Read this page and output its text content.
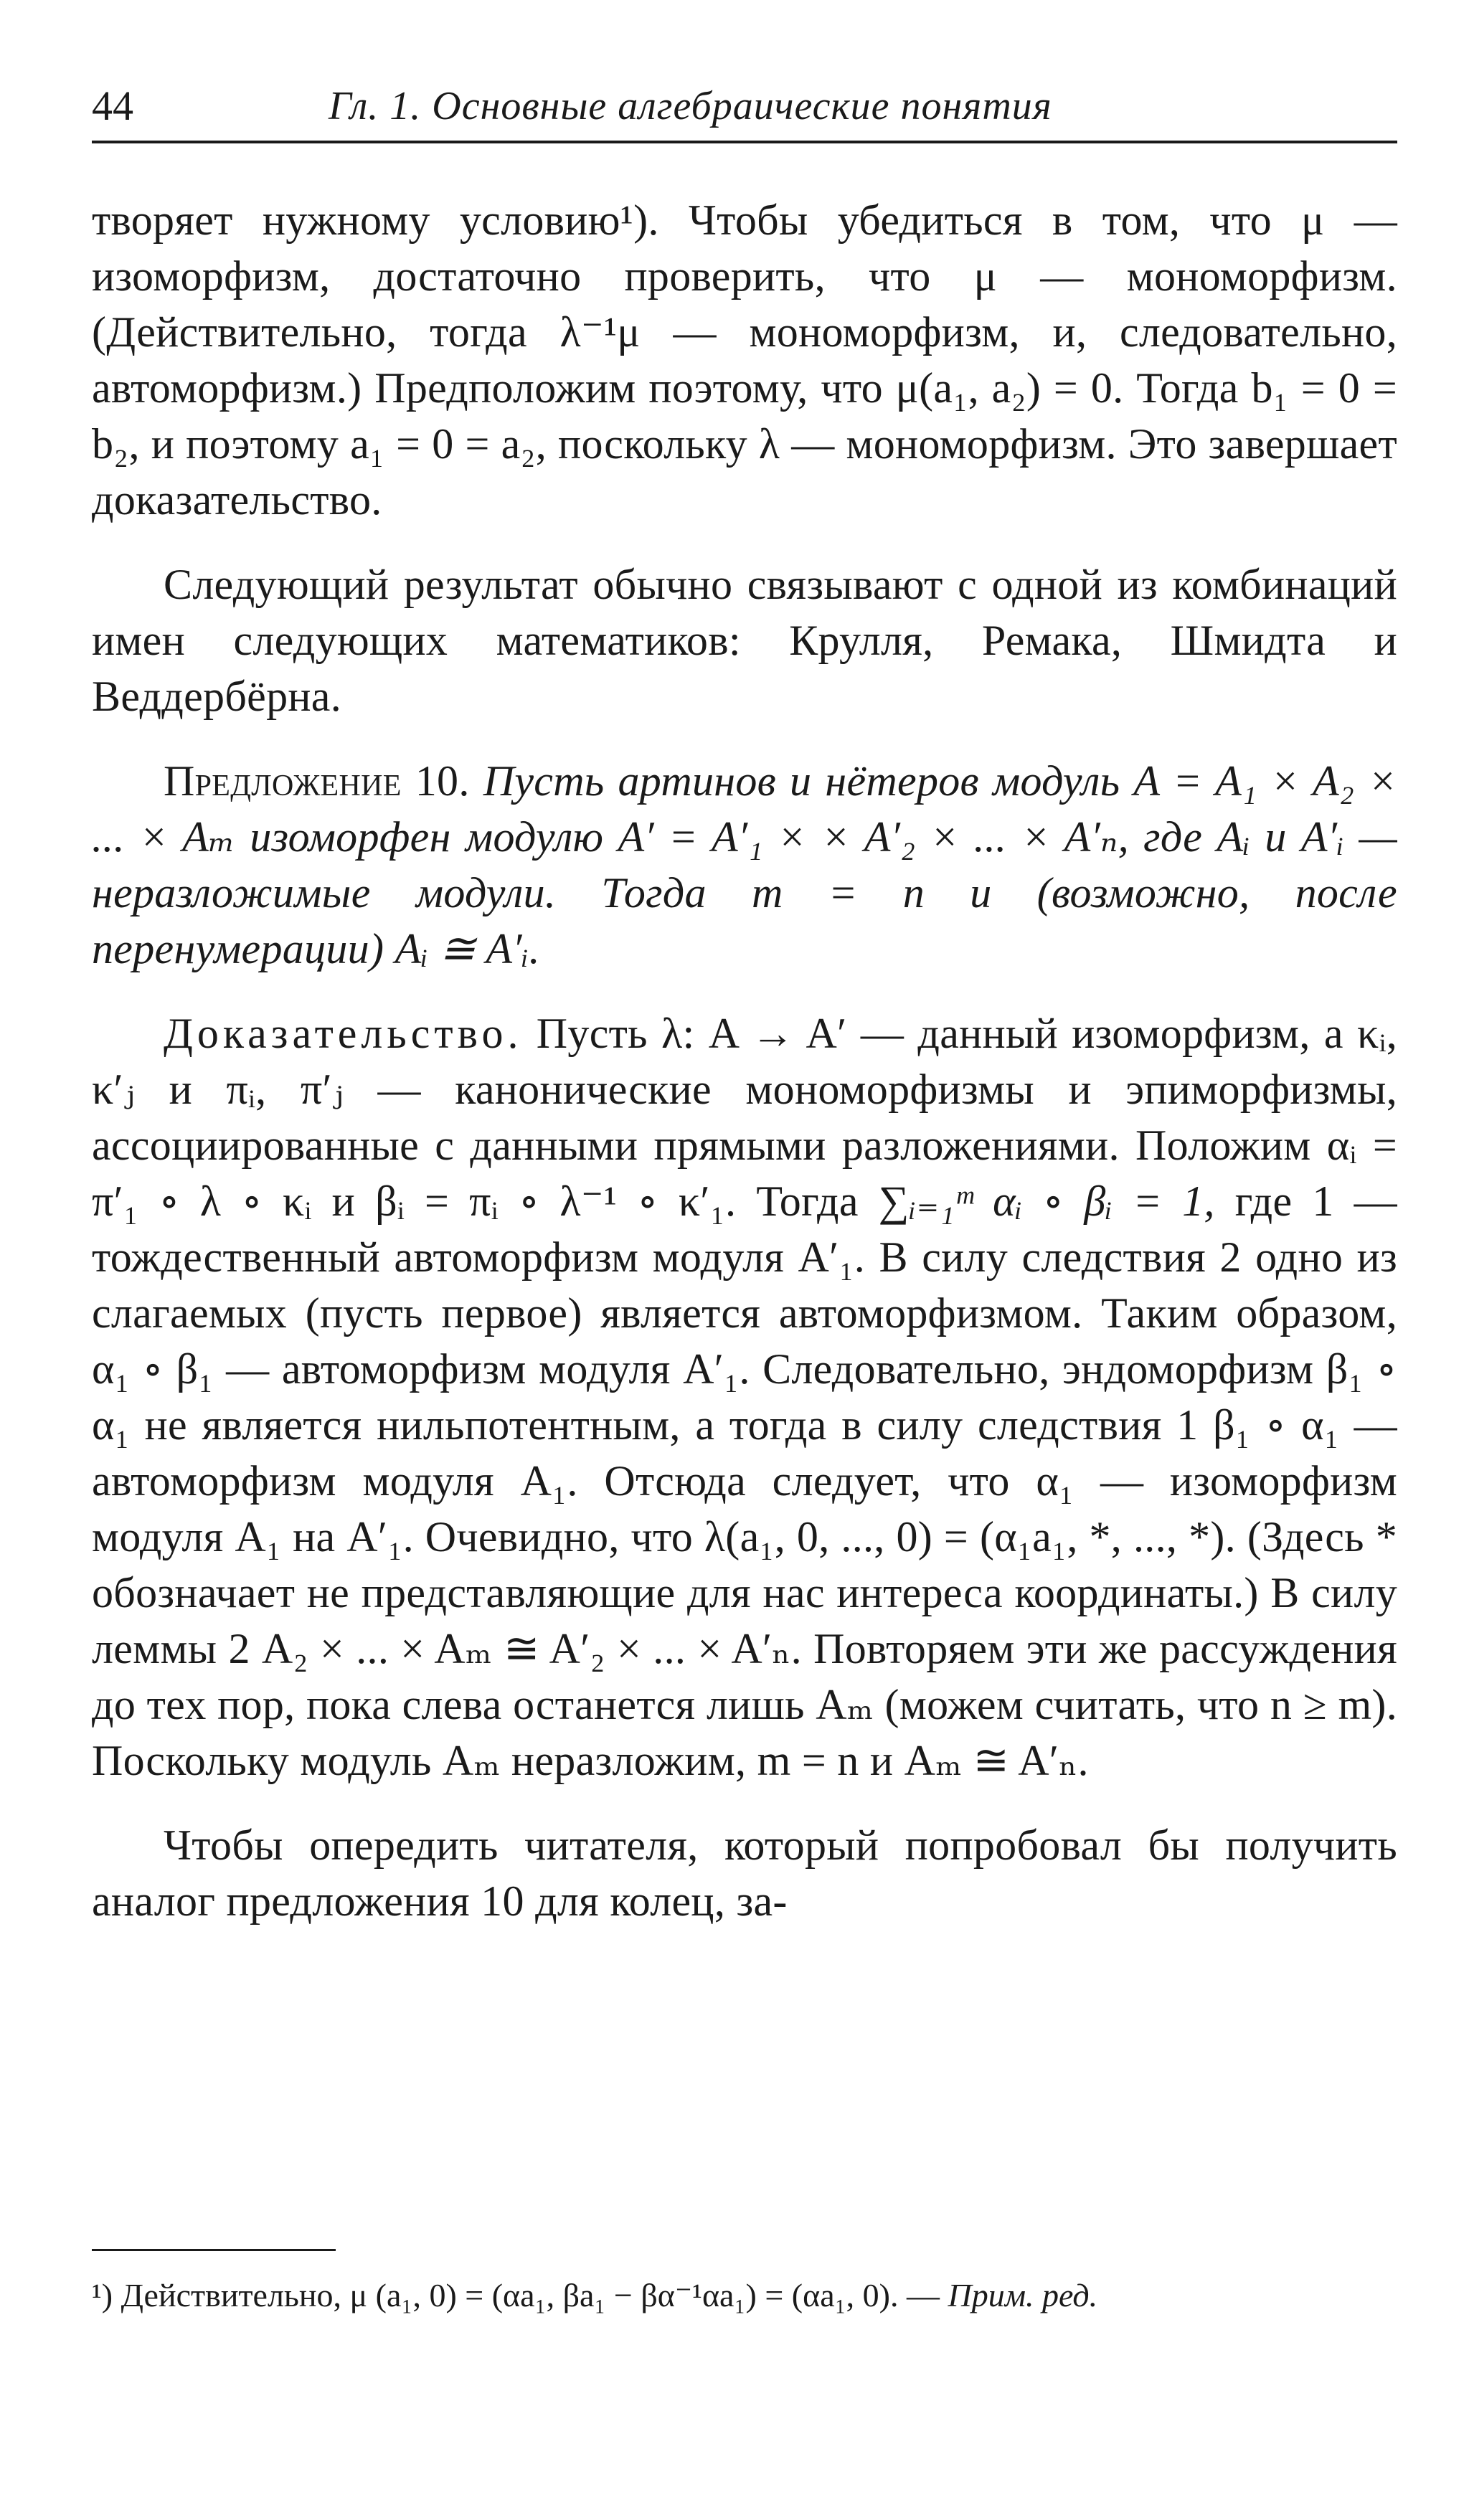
44	Гл. 1. Основные алгебраические понятия

творяет нужному условию¹). Чтобы убедиться в том, что μ — изоморфизм, достаточно проверить, что μ — мономорфизм. (Действительно, тогда λ⁻¹μ — мономорфизм, и, следовательно, автоморфизм.) Предположим поэтому, что μ(a₁, a₂) = 0. Тогда b₁ = 0 = b₂, и поэтому a₁ = 0 = a₂, поскольку λ — мономорфизм. Это завершает доказательство.

Следующий результат обычно связывают с одной из комбинаций имен следующих математиков: Крулля, Ремака, Шмидта и Веддербёрна.

Предложение 10. Пусть артинов и нётеров модуль A = A₁ × A₂ × ... × Aₘ изоморфен модулю A′ = A′₁ × × A′₂ × ... × A′ₙ, где Aᵢ и A′ᵢ — неразложимые модули. Тогда m = n и (возможно, после перенумерации) Aᵢ ≅ A′ᵢ.

Доказательство. Пусть λ: A → A′ — данный изоморфизм, а κᵢ, κ′ⱼ и πᵢ, π′ⱼ — канонические мономорфизмы и эпиморфизмы, ассоциированные с данными прямыми разложениями. Положим αᵢ = π′₁ ∘ λ ∘ κᵢ и βᵢ = πᵢ ∘ λ⁻¹ ∘ κ′₁. Тогда ∑ᵢ₌₁ᵐ αᵢ ∘ βᵢ = 1, где 1 — тождественный автоморфизм модуля A′₁. В силу следствия 2 одно из слагаемых (пусть первое) является автоморфизмом. Таким образом, α₁ ∘ β₁ — автоморфизм модуля A′₁. Следовательно, эндоморфизм β₁ ∘ α₁ не является нильпотентным, а тогда в силу следствия 1 β₁ ∘ α₁ — автоморфизм модуля A₁. Отсюда следует, что α₁ — изоморфизм модуля A₁ на A′₁. Очевидно, что λ(a₁, 0, ..., 0) = (α₁a₁, *, ..., *). (Здесь * обозначает не представляющие для нас интереса координаты.) В силу леммы 2 A₂ × ... × Aₘ ≅ A′₂ × ... × A′ₙ. Повторяем эти же рассуждения до тех пор, пока слева останется лишь Aₘ (можем считать, что n ≥ m). Поскольку модуль Aₘ неразложим, m = n и Aₘ ≅ A′ₙ.

Чтобы опередить читателя, который попробовал бы получить аналог предложения 10 для колец, за-

¹) Действительно, μ (a₁, 0) = (αa₁, βa₁ − βα⁻¹αa₁) = (αa₁, 0). — Прим. ред.
